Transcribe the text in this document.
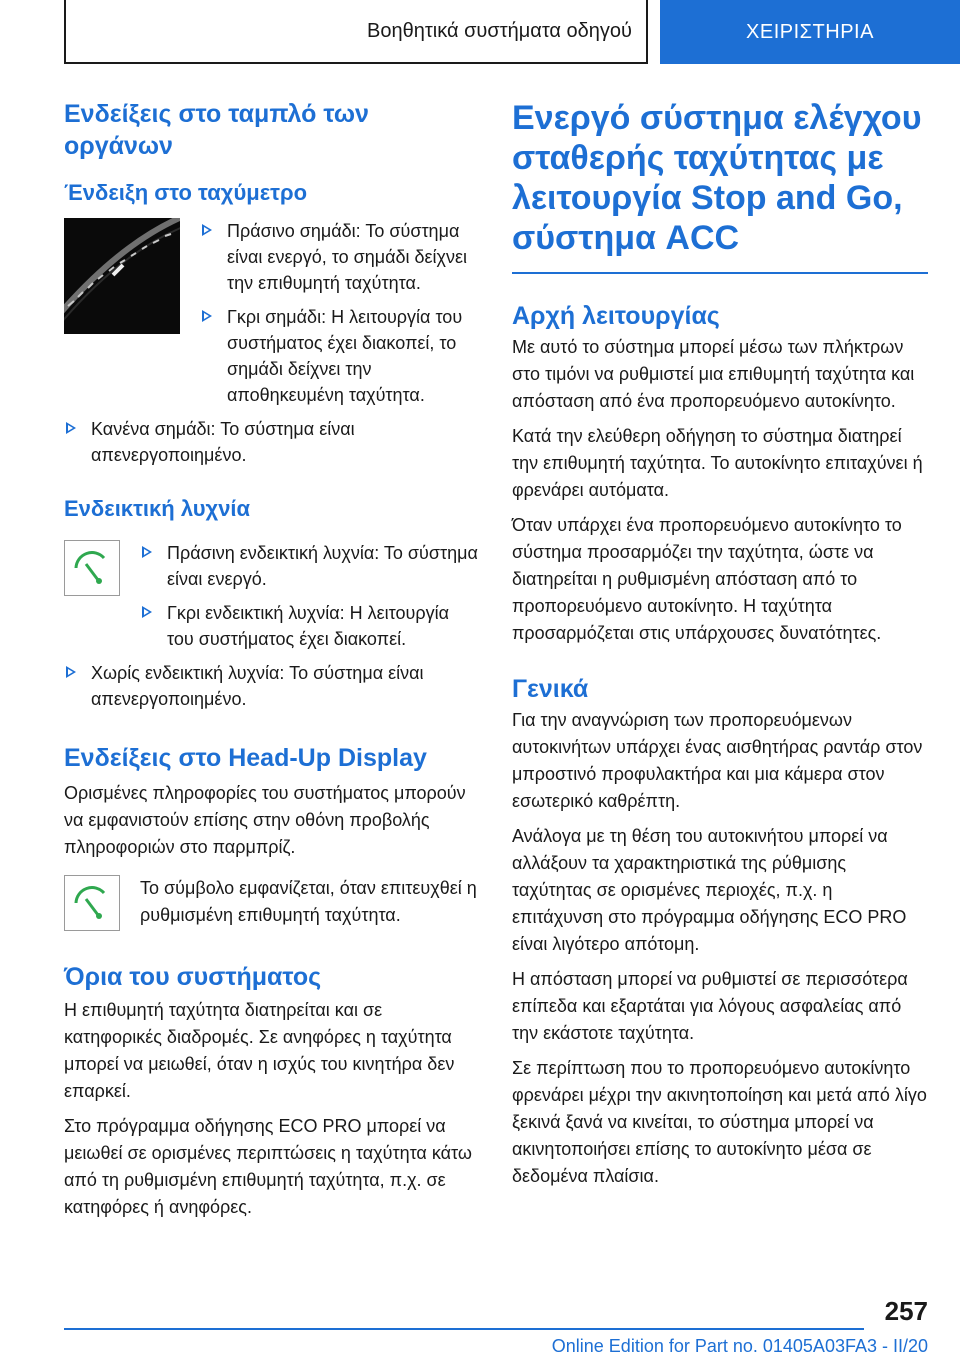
Βοηθητικά συστήματα οδηγού	ΧΕΙΡΙΣΤΗΡΙΑ
Ενδείξεις στο ταμπλό των οργάνων
Ένδειξη στο ταχύμετρο
Πράσινο σημάδι: Το σύστημα είναι ενεργό, το σημάδι δείχνει την επιθυμητή ταχύτητα.
Γκρι σημάδι: Η λειτουργία του συστήματος έχει διακοπεί, το σημάδι δείχνει την αποθηκευμένη ταχύτητα.
Κανένα σημάδι: Το σύστημα είναι απενεργοποιημένο.
Ενδεικτική λυχνία
Πράσινη ενδεικτική λυχνία: Το σύστημα είναι ενεργό.
Γκρι ενδεικτική λυχνία: Η λειτουργία του συστήματος έχει διακοπεί.
Χωρίς ενδεικτική λυχνία: Το σύστημα είναι απενεργοποιημένο.
Ενδείξεις στο Head-Up Display

Ορισμένες πληροφορίες του συστήματος μπορούν να εμφανιστούν επίσης στην οθόνη προβολής πληροφοριών στο παρμπρίζ.

Το σύμβολο εμφανίζεται, όταν επιτευχθεί η ρυθμισμένη επιθυμητή ταχύτητα.

Όρια του συστήματος

Η επιθυμητή ταχύτητα διατηρείται και σε κατηφορικές διαδρομές. Σε ανηφόρες η ταχύτητα μπορεί να μειωθεί, όταν η ισχύς του κινητήρα δεν επαρκεί.

Στο πρόγραμμα οδήγησης ECO PRO μπορεί να μειωθεί σε ορισμένες περιπτώσεις η ταχύτητα κάτω από τη ρυθμισμένη επιθυμητή ταχύτητα, π.χ. σε κατηφόρες ή ανηφόρες.

Ενεργό σύστημα ελέγχου σταθερής ταχύτητας με λειτουργία Stop and Go, σύστημα ACC
Αρχή λειτουργίας

Με αυτό το σύστημα μπορεί μέσω των πλήκτρων στο τιμόνι να ρυθμιστεί μια επιθυμητή ταχύτητα και απόσταση από ένα προπορευόμενο αυτοκίνητο.

Κατά την ελεύθερη οδήγηση το σύστημα διατηρεί την επιθυμητή ταχύτητα. Το αυτοκίνητο επιταχύνει ή φρενάρει αυτόματα.

Όταν υπάρχει ένα προπορευόμενο αυτοκίνητο το σύστημα προσαρμόζει την ταχύτητα, ώστε να διατηρείται η ρυθμισμένη απόσταση από το προπορευόμενο αυτοκίνητο. Η ταχύτητα προσαρμόζεται στις υπάρχουσες δυνατότητες.

Γενικά

Για την αναγνώριση των προπορευόμενων αυτοκινήτων υπάρχει ένας αισθητήρας ραντάρ στον μπροστινό προφυλακτήρα και μια κάμερα στον εσωτερικό καθρέπτη.

Ανάλογα με τη θέση του αυτοκινήτου μπορεί να αλλάξουν τα χαρακτηριστικά της ρύθμισης ταχύτητας σε ορισμένες περιοχές, π.χ. η επιτάχυνση στο πρόγραμμα οδήγησης ECO PRO είναι λιγότερο απότομη.

Η απόσταση μπορεί να ρυθμιστεί σε περισσότερα επίπεδα και εξαρτάται για λόγους ασφαλείας από την εκάστοτε ταχύτητα.

Σε περίπτωση που το προπορευόμενο αυτοκίνητο φρενάρει μέχρι την ακινητοποίηση και μετά από λίγο ξεκινά ξανά να κινείται, το σύστημα μπορεί να ακινητοποιήσει επίσης το αυτοκίνητο μέσα σε δεδομένα πλαίσια.

257
Online Edition for Part no. 01405A03FA3 - II/20
